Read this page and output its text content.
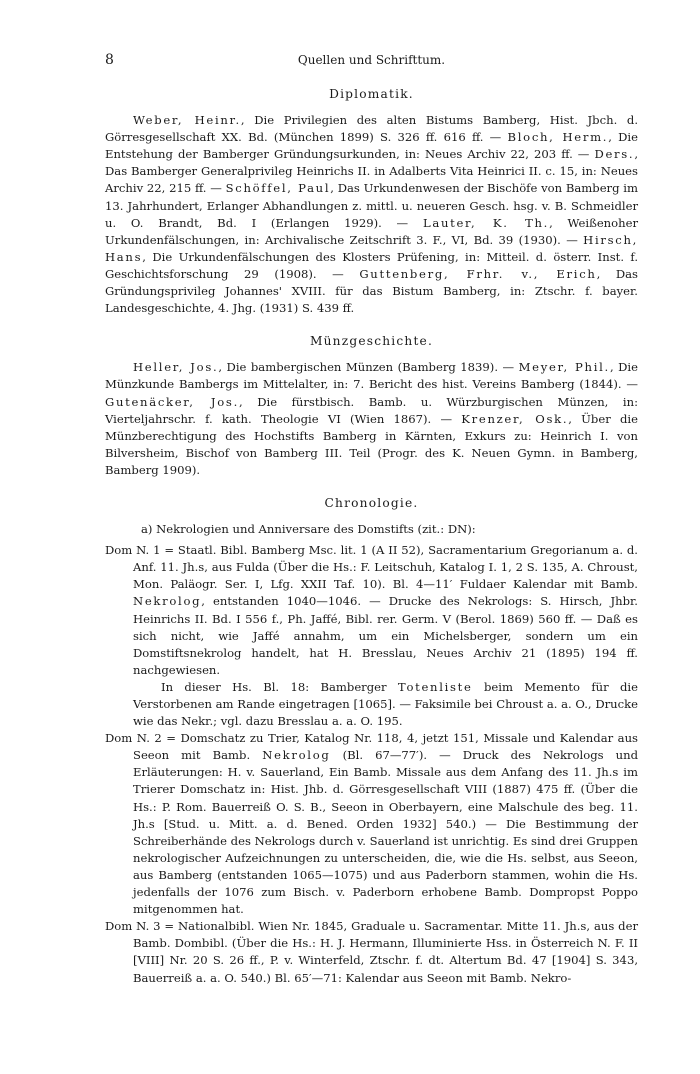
8	Quellen und Schrifttum.
Diplomatik.

Weber, Heinr., Die Privilegien des alten Bistums Bamberg, Hist. Jbch. d. Görresgesellschaft XX. Bd. (München 1899) S. 326 ff. 616 ff. — Bloch, Herm., Die Entstehung der Bamberger Gründungsurkunden, in: Neues Archiv 22, 203 ff. — Ders., Das Bamberger Generalprivileg Heinrichs II. in Adalberts Vita Heinrici II. c. 15, in: Neues Archiv 22, 215 ff. — Schöffel, Paul, Das Urkundenwesen der Bischöfe von Bamberg im 13. Jahrhundert, Erlanger Abhandlungen z. mittl. u. neueren Gesch. hsg. v. B. Schmeidler u. O. Brandt, Bd. I (Erlangen 1929). — Lauter, K. Th., Weißenoher Urkundenfälschungen, in: Archivalische Zeitschrift 3. F., VI, Bd. 39 (1930). — Hirsch, Hans, Die Urkundenfälschungen des Klosters Prüfening, in: Mitteil. d. österr. Inst. f. Geschichtsforschung 29 (1908). — Guttenberg, Frhr. v., Erich, Das Gründungsprivileg Johannes' XVIII. für das Bistum Bamberg, in: Ztschr. f. bayer. Landesgeschichte, 4. Jhg. (1931) S. 439 ff.

Münzgeschichte.

Heller, Jos., Die bambergischen Münzen (Bamberg 1839). — Meyer, Phil., Die Münzkunde Bambergs im Mittelalter, in: 7. Bericht des hist. Vereins Bamberg (1844). — Gutenäcker, Jos., Die fürstbisch. Bamb. u. Würzburgischen Münzen, in: Vierteljahrschr. f. kath. Theologie VI (Wien 1867). — Krenzer, Osk., Über die Münzberechtigung des Hochstifts Bamberg in Kärnten, Exkurs zu: Heinrich I. von Bilversheim, Bischof von Bamberg III. Teil (Progr. des K. Neuen Gymn. in Bamberg, Bamberg 1909).

Chronologie.
a) Nekrologien und Anniversare des Domstifts (zit.: DN):
Dom N. 1 = Staatl. Bibl. Bamberg Msc. lit. 1 (A II 52), Sacramentarium Gregorianum a. d. Anf. 11. Jh.s, aus Fulda (Über die Hs.: F. Leitschuh, Katalog I. 1, 2 S. 135, A. Chroust, Mon. Paläogr. Ser. I, Lfg. XXII Taf. 10). Bl. 4—11′ Fuldaer Kalendar mit Bamb. Nekrolog, entstanden 1040—1046. — Drucke des Nekrologs: S. Hirsch, Jhbr. Heinrichs II. Bd. I 556 f., Ph. Jaffé, Bibl. rer. Germ. V (Berol. 1869) 560 ff. — Daß es sich nicht, wie Jaffé annahm, um ein Michelsberger, sondern um ein Domstiftsnekrolog handelt, hat H. Bresslau, Neues Archiv 21 (1895) 194 ff. nachgewiesen.
In dieser Hs. Bl. 18: Bamberger Totenliste beim Memento für die Verstorbenen am Rande eingetragen [1065]. — Faksimile bei Chroust a. a. O., Drucke wie das Nekr.; vgl. dazu Bresslau a. a. O. 195.
Dom N. 2 = Domschatz zu Trier, Katalog Nr. 118, 4, jetzt 151, Missale und Kalendar aus Seeon mit Bamb. Nekrolog (Bl. 67—77′). — Druck des Nekrologs und Erläuterungen: H. v. Sauerland, Ein Bamb. Missale aus dem Anfang des 11. Jh.s im Trierer Domschatz in: Hist. Jhb. d. Görresgesellschaft VIII (1887) 475 ff. (Über die Hs.: P. Rom. Bauerreiß O. S. B., Seeon in Oberbayern, eine Malschule des beg. 11. Jh.s [Stud. u. Mitt. a. d. Bened. Orden 1932] 540.) — Die Bestimmung der Schreiberhände des Nekrologs durch v. Sauerland ist unrichtig. Es sind drei Gruppen nekrologischer Aufzeichnungen zu unterscheiden, die, wie die Hs. selbst, aus Seeon, aus Bamberg (entstanden 1065—1075) und aus Paderborn stammen, wohin die Hs. jedenfalls der 1076 zum Bisch. v. Paderborn erhobene Bamb. Dompropst Poppo mitgenommen hat.
Dom N. 3 = Nationalbibl. Wien Nr. 1845, Graduale u. Sacramentar. Mitte 11. Jh.s, aus der Bamb. Dombibl. (Über die Hs.: H. J. Hermann, Illuminierte Hss. in Österreich N. F. II [VIII] Nr. 20 S. 26 ff., P. v. Winterfeld, Ztschr. f. dt. Altertum Bd. 47 [1904] S. 343, Bauerreiß a. a. O. 540.) Bl. 65′—71: Kalendar aus Seeon mit Bamb. Nekro-
